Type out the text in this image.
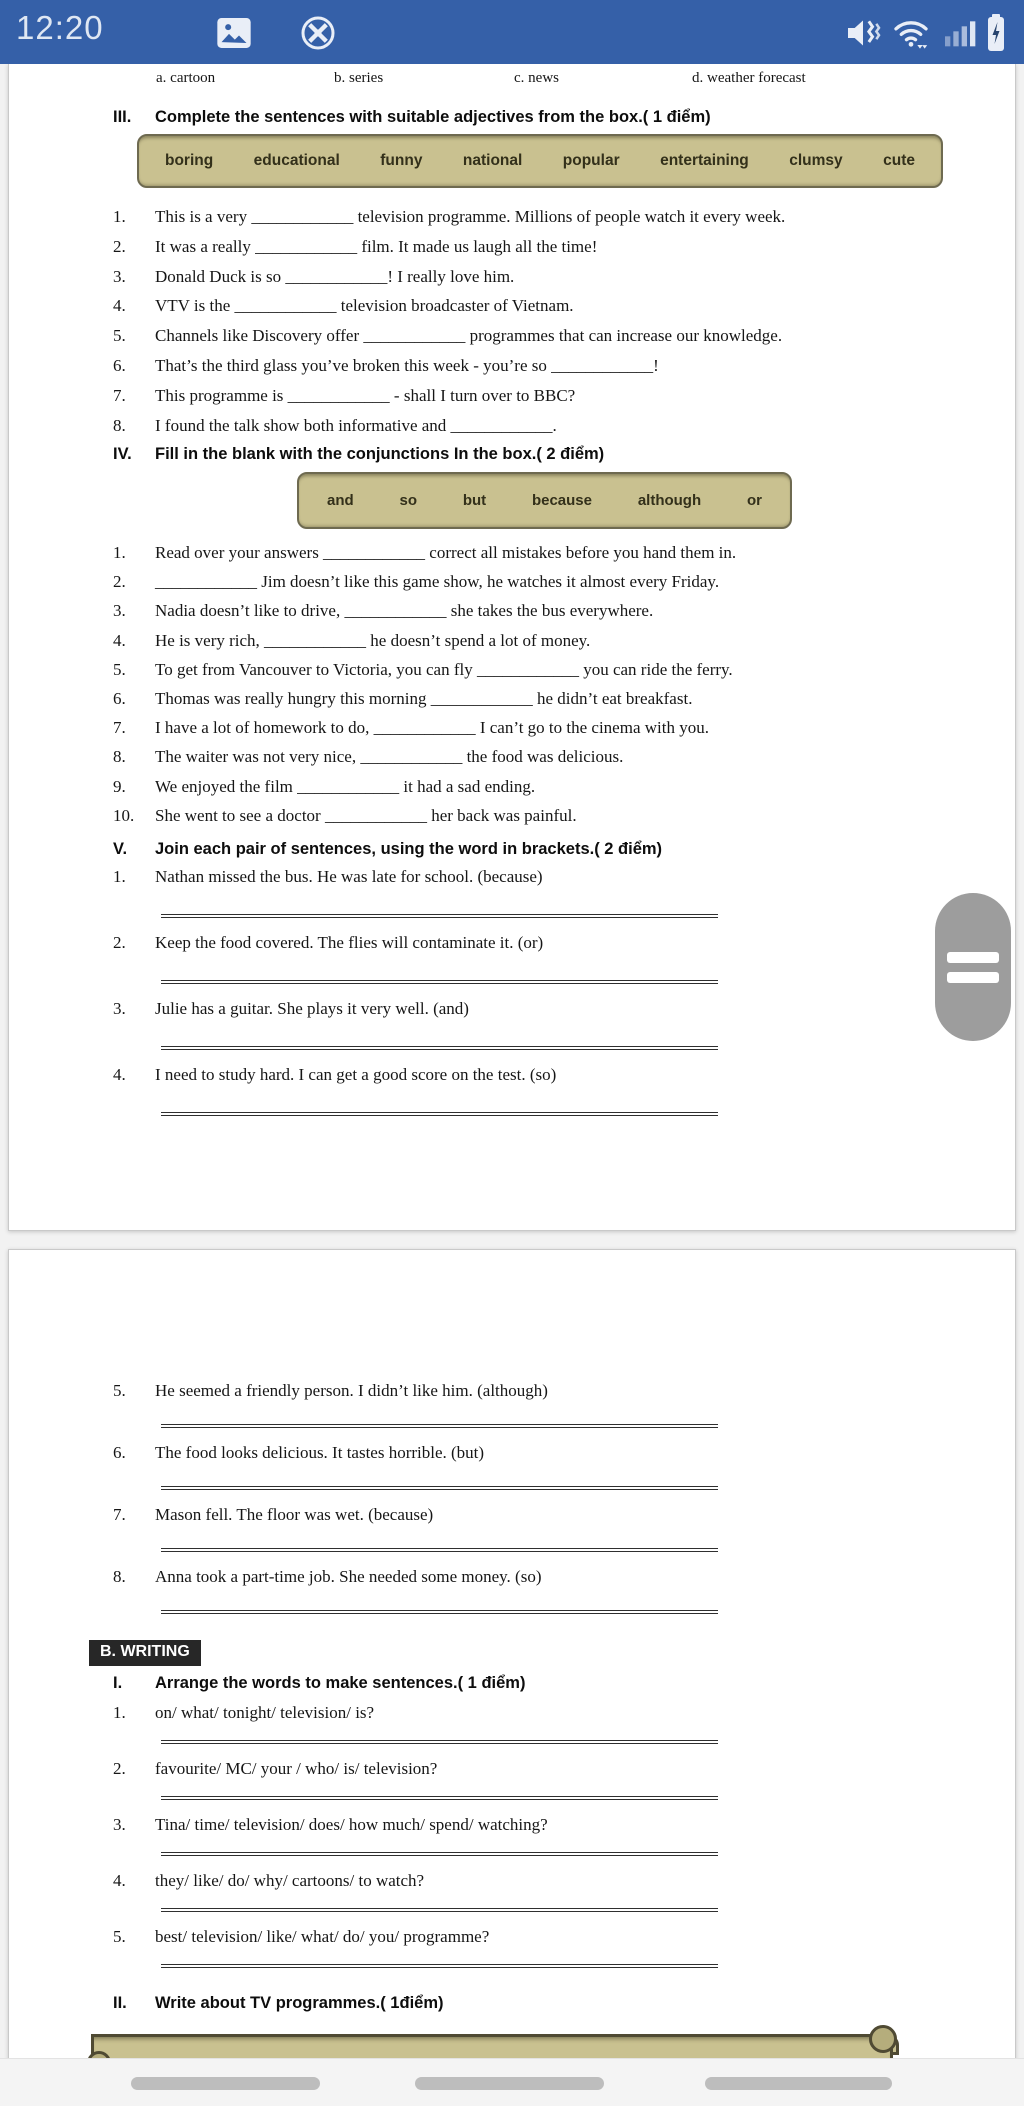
12:20
a. cartoon	b. series	c. news	d. weather forecast
III.	Complete the sentences with suitable adjectives from the box.( 1 điểm)
boring	educational	funny	national	popular	entertaining	clumsy	cute
1. This is a very ____________ television programme. Millions of people watch it every week.
2. It was a really ____________ film. It made us laugh all the time!
3. Donald Duck is so ____________! I really love him.
4. VTV is the ____________ television broadcaster of Vietnam.
5. Channels like Discovery offer ____________ programmes that can increase our knowledge.
6. That’s the third glass you’ve broken this week - you’re so ____________!
7. This programme is ____________ - shall I turn over to BBC?
8. I found the talk show both informative and ____________.
IV.	Fill in the blank with the conjunctions In the box.( 2 điểm)
and	so	but	because	although	or
1. Read over your answers ____________ correct all mistakes before you hand them in.
2. ____________ Jim doesn’t like this game show, he watches it almost every Friday.
3. Nadia doesn’t like to drive, ____________ she takes the bus everywhere.
4. He is very rich, ____________ he doesn’t spend a lot of money.
5. To get from Vancouver to Victoria, you can fly ____________ you can ride the ferry.
6. Thomas was really hungry this morning ____________ he didn’t eat breakfast.
7. I have a lot of homework to do, ____________ I can’t go to the cinema with you.
8. The waiter was not very nice, ____________ the food was delicious.
9. We enjoyed the film ____________ it had a sad ending.
10. She went to see a doctor ____________ her back was painful.
V.	Join each pair of sentences, using the word in brackets.( 2 điểm)
1. Nathan missed the bus. He was late for school. (because)
2. Keep the food covered. The flies will contaminate it. (or)
3. Julie has a guitar. She plays it very well. (and)
4. I need to study hard. I can get a good score on the test. (so)
5. He seemed a friendly person. I didn’t like him. (although)
6. The food looks delicious. It tastes horrible. (but)
7. Mason fell. The floor was wet. (because)
8. Anna took a part-time job. She needed some money. (so)
B. WRITING
I.	Arrange the words to make sentences.( 1 điểm)
1. on/ what/ tonight/ television/ is?
2. favourite/ MC/ your / who/ is/ television?
3. Tina/ time/ television/ does/ how much/ spend/ watching?
4. they/ like/ do/ why/ cartoons/ to watch?
5. best/ television/ like/ what/ do/ you/ programme?
II.	Write about TV programmes.( 1điểm)
